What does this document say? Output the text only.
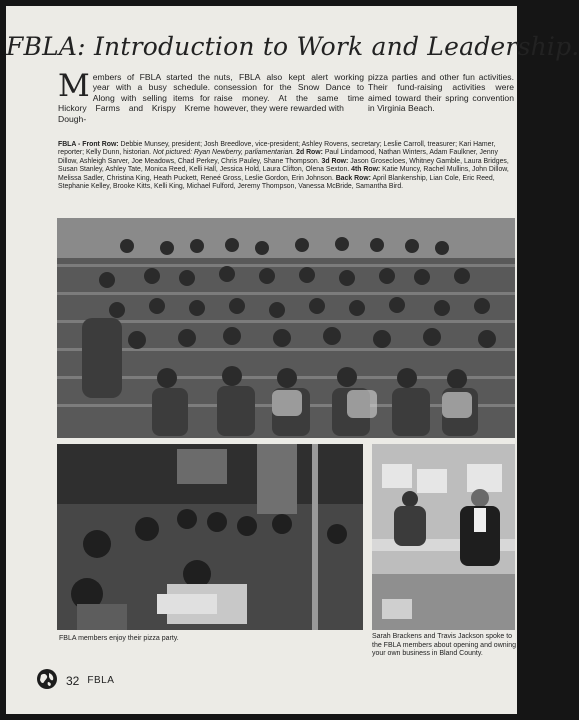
FBLA: Introduction to Work and Leadership.
Members of FBLA started the year with a busy schedule. Along with selling items for Hickory Farms and Krispy Kreme Dough-
nuts, FBLA also kept alert working consession for the Snow Dance to raise money. At the same time however, they were rewarded with
pizza parties and other fun activities. Their fund-raising activities were aimed toward their spring convention in Virginia Beach.
FBLA - Front Row: Debbie Munsey, president; Josh Breedlove, vice-president; Ashley Rovens, secretary; Leslie Carroll, treasurer; Kari Hamer, reporter; Kelly Dunn, historian. Not pictured: Ryan Newberry, parliamentarian. 2d Row: Paul Lindamood, Nathan Winters, Adam Faulkner, Jenny Dillow, Ashleigh Sarver, Joe Meadows, Chad Perkey, Chris Pauley, Shane Thompson. 3d Row: Jason Grosecloes, Whitney Gamble, Laura Bridges, Susan Stanley, Ashley Tate, Monica Reed, Kelli Hall, Jessica Hold, Laura Clifton, Olena Sexton. 4th Row: Katie Muncy, Rachel Mullins, John Dillow, Melissa Sadler, Christina King, Heath Puckett, Reneé Gross, Leslie Gordon, Erin Johnson. Back Row: April Blankenship, Lian Cole, Eric Reed, Stephanie Kelley, Brooke Kitts, Kelli King, Michael Fulford, Jeremy Thompson, Vanessa McBride, Samantha Bird.
FBLA members enjoy their pizza party.	Sarah Brackens and Travis Jackson spoke to the FBLA members about opening and owning your own business in Bland County.
32 FBLA
